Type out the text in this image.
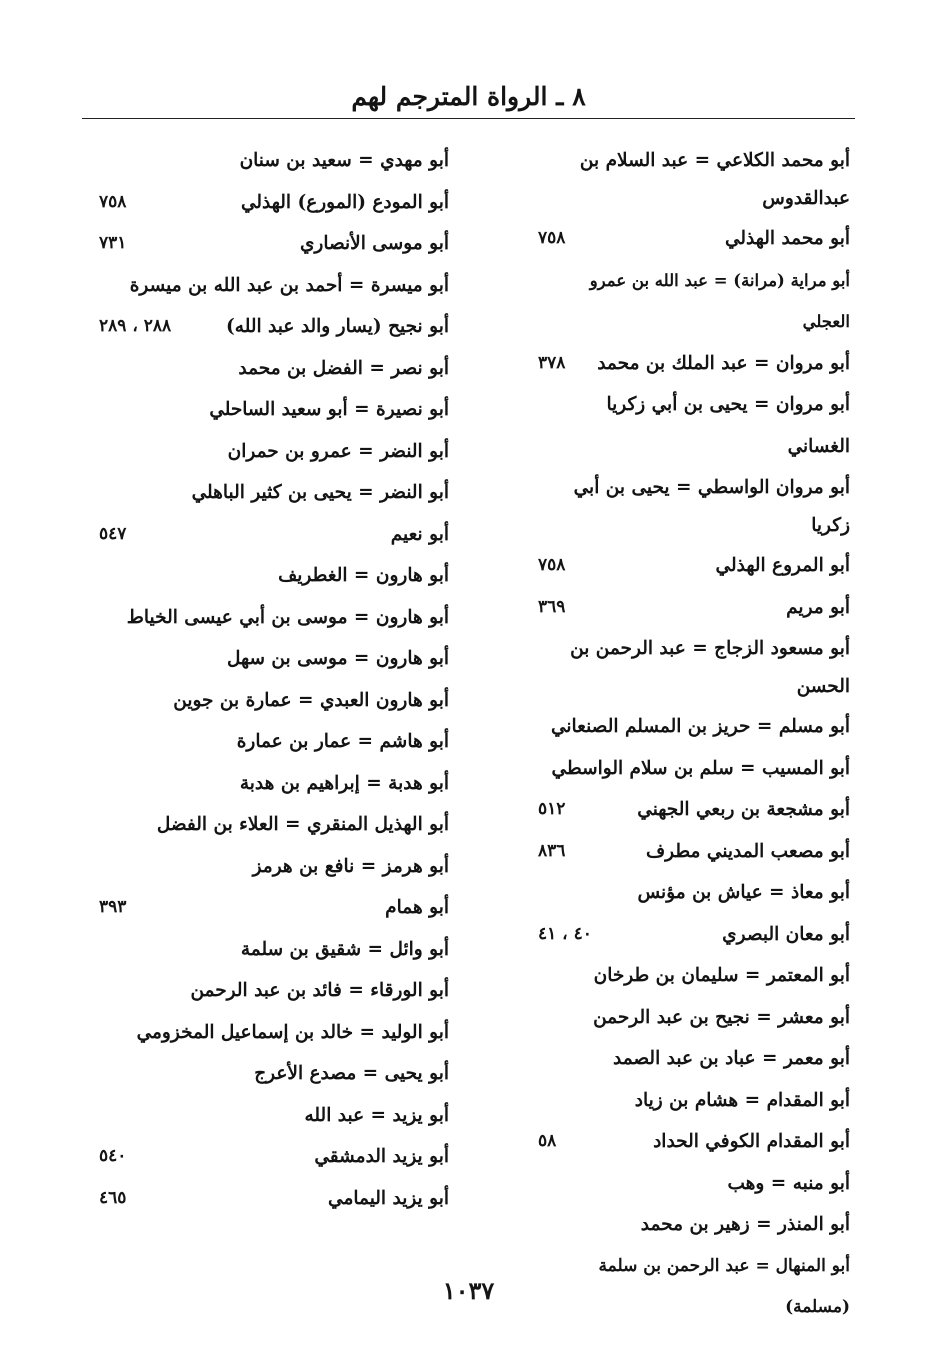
٨ ـ الرواة المترجم لهم
أبو محمد الكلاعي = عبد السلام بن عبدالقدوس
أبو محمد الهذلي
٧٥٨
أبو مراية (مرانة) = عبد الله بن عمرو العجلي
أبو مروان = عبد الملك بن محمد
٣٧٨
أبو مروان = يحيى بن أبي زكريا الغساني
أبو مروان الواسطي = يحيى بن أبي زكريا
أبو المروع الهذلي
٧٥٨
أبو مريم
٣٦٩
أبو مسعود الزجاج = عبد الرحمن بن الحسن
أبو مسلم = حريز بن المسلم الصنعاني
أبو المسيب = سلم بن سلام الواسطي
أبو مشجعة بن ربعي الجهني
٥١٢
أبو مصعب المديني مطرف
٨٣٦
أبو معاذ = عياش بن مؤنس
أبو معان البصري
٤٠ ، ٤١
أبو المعتمر = سليمان بن طرخان
أبو معشر = نجيح بن عبد الرحمن
أبو معمر = عباد بن عبد الصمد
أبو المقدام = هشام بن زياد
أبو المقدام الكوفي الحداد
٥٨
أبو منبه = وهب
أبو المنذر = زهير بن محمد
أبو المنهال = عبد الرحمن بن سلمة (مسلمة)
أبو مهدي = سعيد بن سنان
أبو المودع (المورع) الهذلي
٧٥٨
أبو موسى الأنصاري
٧٣١
أبو ميسرة = أحمد بن عبد الله بن ميسرة
أبو نجيح (يسار والد عبد الله)
٢٨٨ ، ٢٨٩
أبو نصر = الفضل بن محمد
أبو نصيرة = أبو سعيد الساحلي
أبو النضر = عمرو بن حمران
أبو النضر = يحيى بن كثير الباهلي
أبو نعيم
٥٤٧
أبو هارون = الغطريف
أبو هارون = موسى بن أبي عيسى الخياط
أبو هارون = موسى بن سهل
أبو هارون العبدي = عمارة بن جوين
أبو هاشم = عمار بن عمارة
أبو هدبة = إبراهيم بن هدبة
أبو الهذيل المنقري = العلاء بن الفضل
أبو هرمز = نافع بن هرمز
أبو همام
٣٩٣
أبو وائل = شقيق بن سلمة
أبو الورقاء = فائد بن عبد الرحمن
أبو الوليد = خالد بن إسماعيل المخزومي
أبو يحيى = مصدع الأعرج
أبو يزيد = عبد الله
أبو يزيد الدمشقي
٥٤٠
أبو يزيد اليمامي
٤٦٥
١٠٣٧
